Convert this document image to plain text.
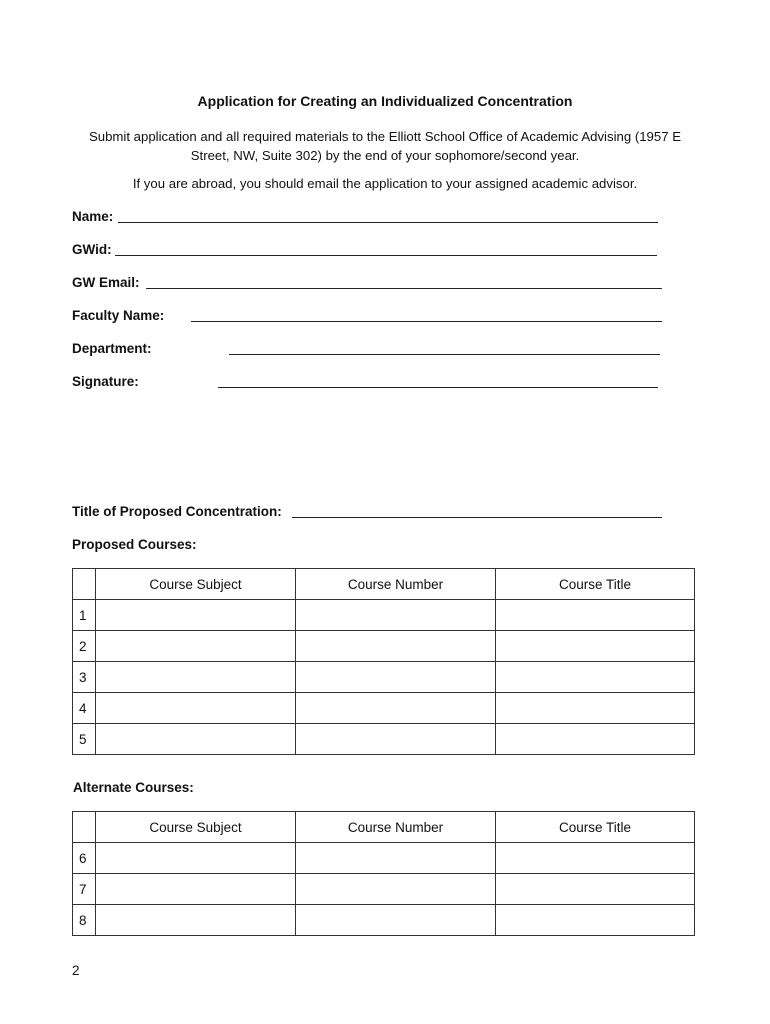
Application for Creating an Individualized Concentration
Submit application and all required materials to the Elliott School Office of Academic Advising (1957 E Street, NW, Suite 302) by the end of your sophomore/second year.
If you are abroad, you should email the application to your assigned academic advisor.
Name:
GWid:
GW Email:
Faculty Name:
Department:
Signature:
Title of Proposed Concentration:
Proposed Courses:
	Course Subject	Course Number	Course Title
1			
2			
3			
4			
5			
Alternate Courses:
	Course Subject	Course Number	Course Title
6			
7			
8			
2
